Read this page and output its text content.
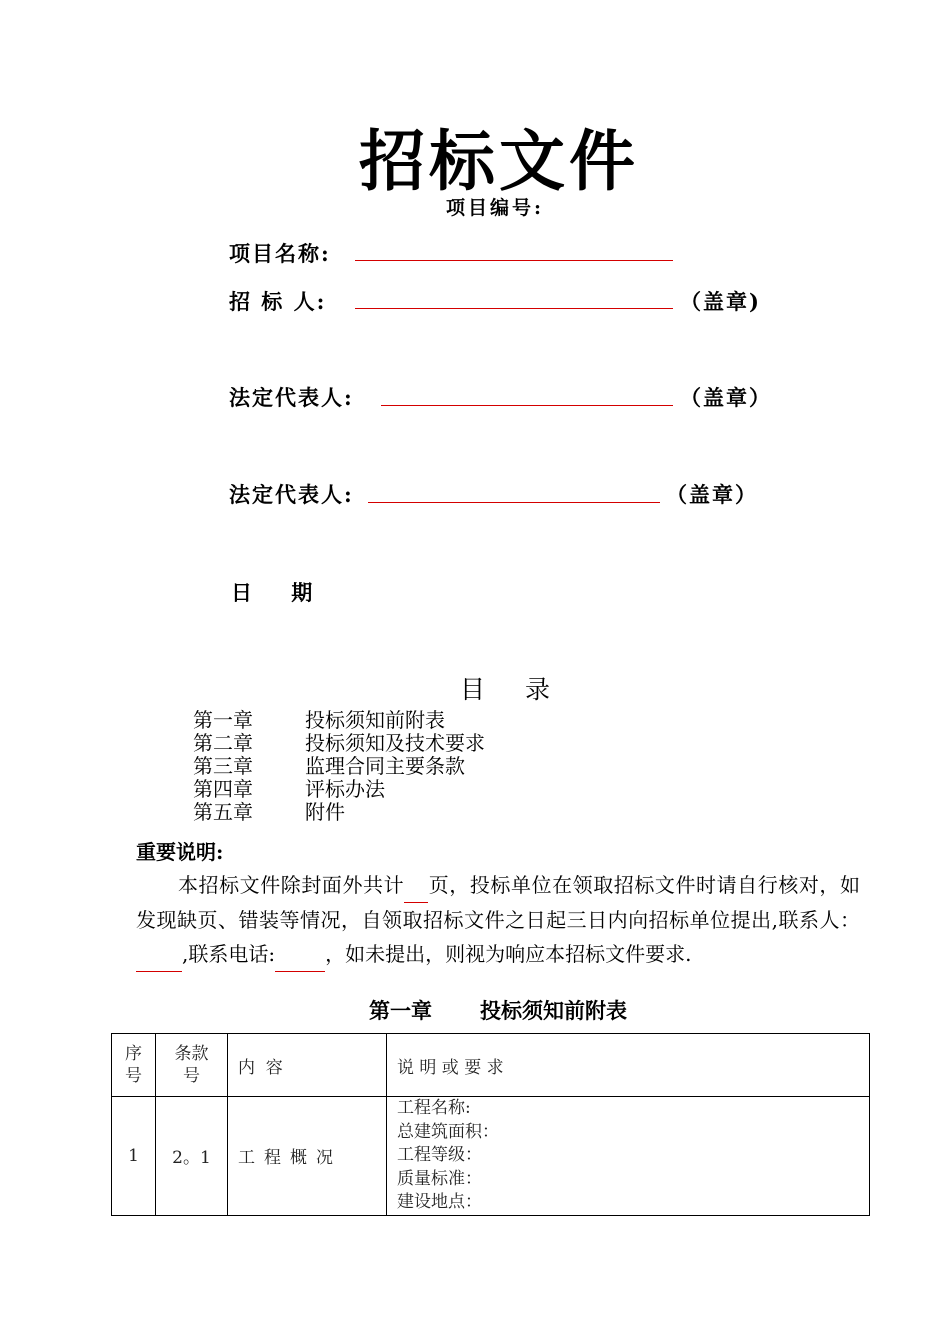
招标文件
项目编号:
项目名称:
招 标 人:	（盖章)
法定代表人:	（盖章）
法定代表人:	（盖章）
日    期
目录
第一章	投标须知前附表
第二章	投标须知及技术要求
第三章	监理合同主要条款
第四章	评标办法
第五章	附件
重要说明:
本招标文件除封面外共计 页，投标单位在领取招标文件时请自行核对，如发现缺页、错装等情况，自领取招标文件之日起三日内向招标单位提出,联系人： ,联系电话:	，如未提出，则视为响应本招标文件要求.
第一章 投标须知前附表
序号	条款号	内  容	说 明 或 要 求
1	2。1	工程概况	工程名称:
总建筑面积：
工程等级：
质量标准：
建设地点：
